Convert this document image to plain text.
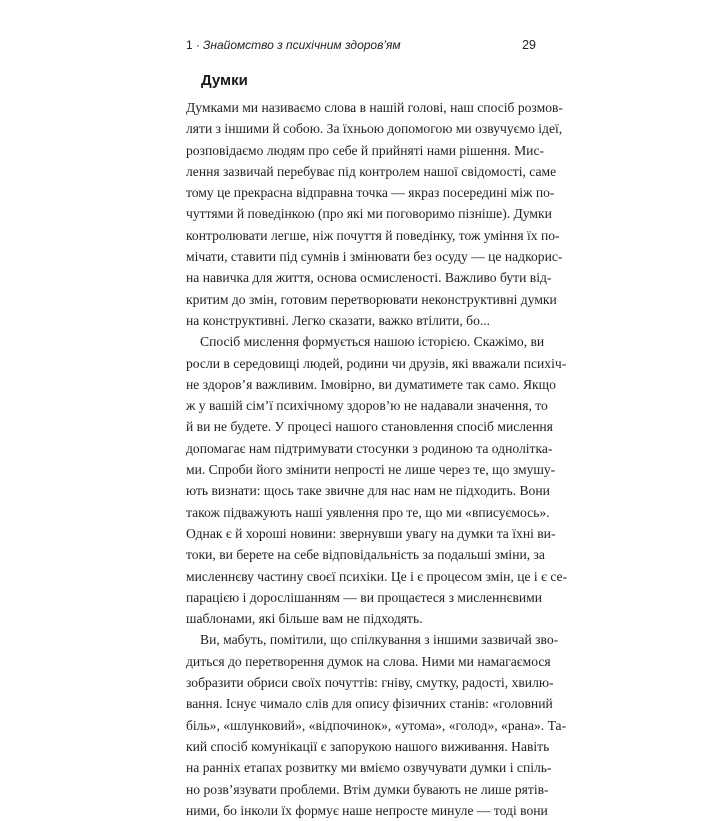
1 · Знайомство з психічним здоров’ям	29
Думки
Думками ми називаємо слова в нашій голові, наш спосіб розмов-
ляти з іншими й собою. За їхньою допомогою ми озвучуємо ідеї,
розповідаємо людям про себе й прийняті нами рішення. Мис-
лення зазвичай перебуває під контролем нашої свідомості, саме
тому це прекрасна відправна точка — якраз посередині між по-
чуттями й поведінкою (про які ми поговоримо пізніше). Думки
контролювати легше, ніж почуття й поведінку, тож уміння їх по-
мічати, ставити під сумнів і змінювати без осуду — це надкорис-
на навичка для життя, основа осмисленості. Важливо бути від-
критим до змін, готовим перетворювати неконструктивні думки
на конструктивні. Легко сказати, важко втілити, бо...
Спосіб мислення формується нашою історією. Скажімо, ви
росли в середовищі людей, родини чи друзів, які вважали психіч-
не здоров’я важливим. Імовірно, ви думатимете так само. Якщо
ж у вашій сім’ї психічному здоров’ю не надавали значення, то
й ви не будете. У процесі нашого становлення спосіб мислення
допомагає нам підтримувати стосунки з родиною та однолітка-
ми. Спроби його змінити непрості не лише через те, що змушу-
ють визнати: щось таке звичне для нас нам не підходить. Вони
також підважують наші уявлення про те, що ми «вписуємось».
Однак є й хороші новини: звернувши увагу на думки та їхні ви-
токи, ви берете на себе відповідальність за подальші зміни, за
мисленнєву частину своєї психіки. Це і є процесом змін, це і є се-
парацією і дорослішанням — ви прощаєтеся з мисленнєвими
шаблонами, які більше вам не підходять.
Ви, мабуть, помітили, що спілкування з іншими зазвичай зво-
диться до перетворення думок на слова. Ними ми намагаємося
зобразити обриси своїх почуттів: гніву, смутку, радості, хвилю-
вання. Існує чимало слів для опису фізичних станів: «головний
біль», «шлунковий», «відпочинок», «утома», «голод», «рана». Та-
кий спосіб комунікації є запорукою нашого виживання. Навіть
на ранніх етапах розвитку ми вміємо озвучувати думки і спіль-
но розв’язувати проблеми. Втім думки бувають не лише рятів-
ними, бо інколи їх формує наше непросте минуле — тоді вони
